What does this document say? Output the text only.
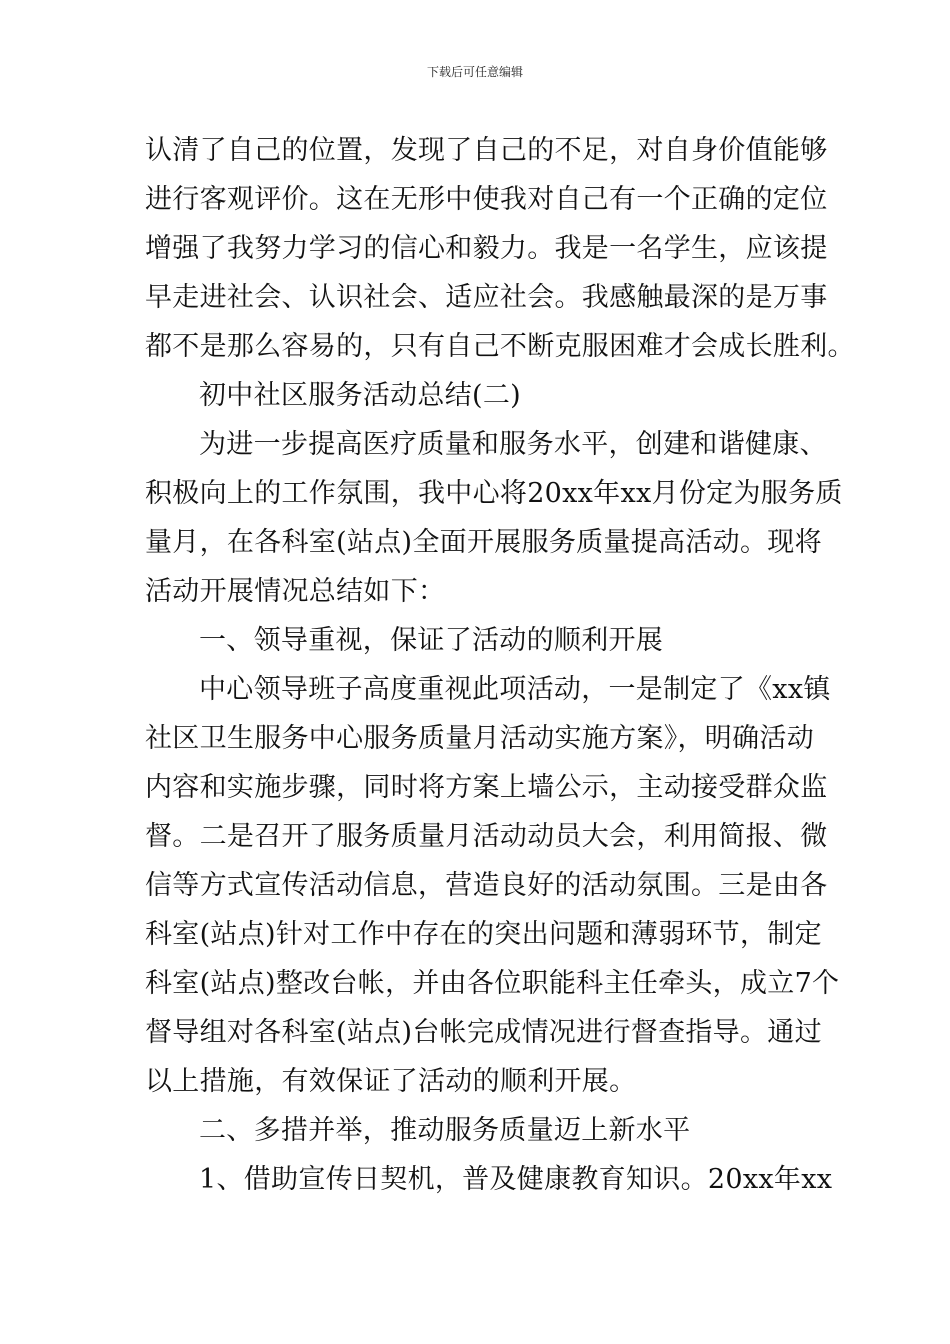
下载后可任意编辑
认清了自己的位置，发现了自己的不足，对自身价值能够
进行客观评价。这在无形中使我对自己有一个正确的定位
增强了我努力学习的信心和毅力。我是一名学生，应该提
早走进社会、认识社会、适应社会。我感触最深的是万事
都不是那么容易的，只有自己不断克服困难才会成长胜利。
初中社区服务活动总结(二)
为进一步提高医疗质量和服务水平，创建和谐健康、
积极向上的工作氛围，我中心将20xx年xx月份定为服务质
量月，在各科室(站点)全面开展服务质量提高活动。现将
活动开展情况总结如下：
一、领导重视，保证了活动的顺利开展
中心领导班子高度重视此项活动，一是制定了《xx镇
社区卫生服务中心服务质量月活动实施方案》，明确活动
内容和实施步骤，同时将方案上墙公示，主动接受群众监
督。二是召开了服务质量月活动动员大会，利用简报、微
信等方式宣传活动信息，营造良好的活动氛围。三是由各
科室(站点)针对工作中存在的突出问题和薄弱环节，制定
科室(站点)整改台帐，并由各位职能科主任牵头，成立7个
督导组对各科室(站点)台帐完成情况进行督查指导。通过
以上措施，有效保证了活动的顺利开展。
二、多措并举，推动服务质量迈上新水平
1、借助宣传日契机，普及健康教育知识。20xx年xx
